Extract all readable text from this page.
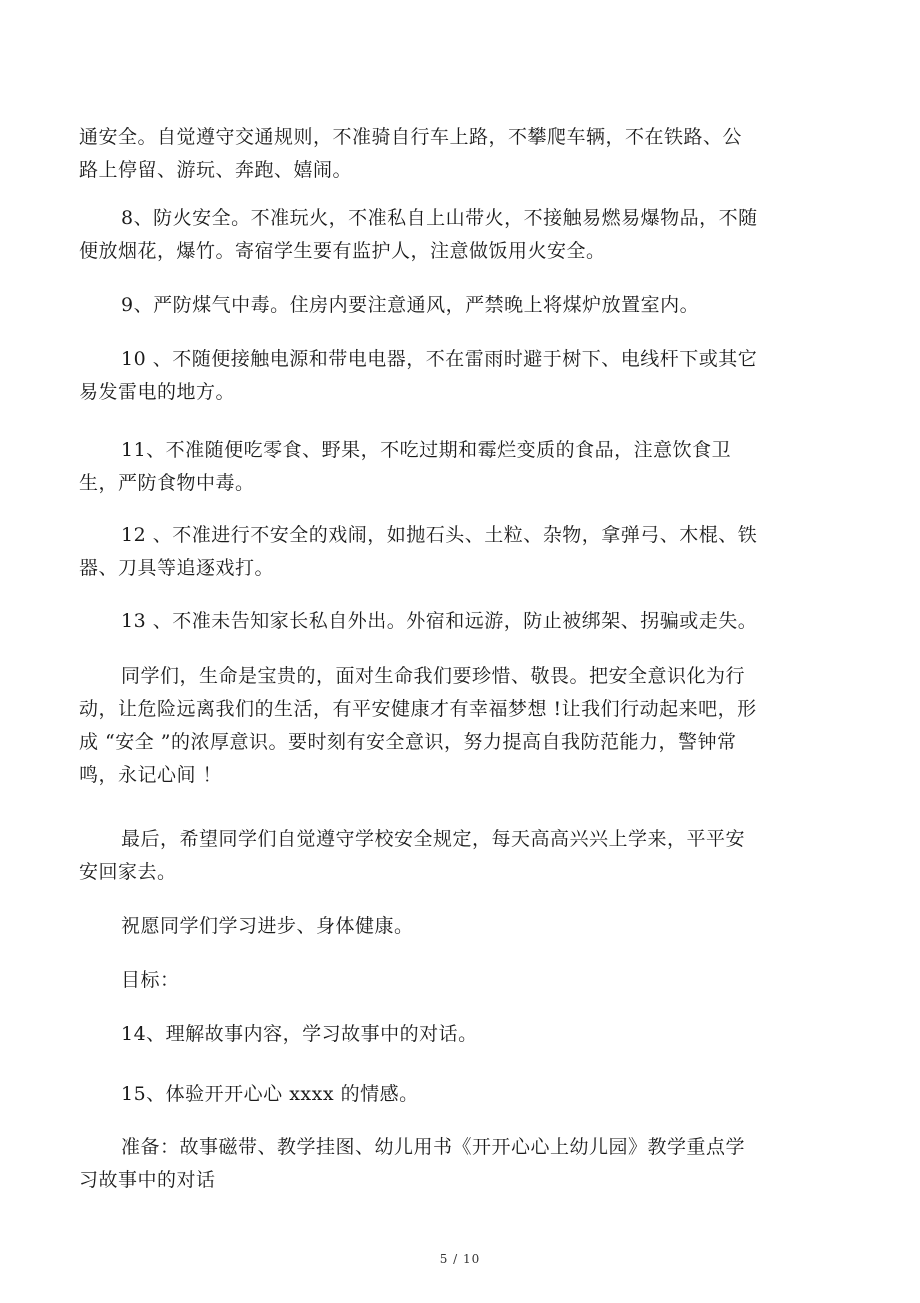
通安全。自觉遵守交通规则，不准骑自行车上路，不攀爬车辆，不在铁路、公
路上停留、游玩、奔跑、嬉闹。

8、防火安全。不准玩火，不准私自上山带火，不接触易燃易爆物品，不随
便放烟花，爆竹。寄宿学生要有监护人，注意做饭用火安全。

9、严防煤气中毒。住房内要注意通风，严禁晚上将煤炉放置室内。

10 、不随便接触电源和带电电器，不在雷雨时避于树下、电线杆下或其它
易发雷电的地方。

11、不准随便吃零食、野果，不吃过期和霉烂变质的食品，注意饮食卫
生，严防食物中毒。

12 、不准进行不安全的戏闹，如抛石头、土粒、杂物，拿弹弓、木棍、铁
器、刀具等追逐戏打。

13 、不准未告知家长私自外出。外宿和远游，防止被绑架、拐骗或走失。

同学们，生命是宝贵的，面对生命我们要珍惜、敬畏。把安全意识化为行
动，让危险远离我们的生活，有平安健康才有幸福梦想 !让我们行动起来吧，形
成 “安全 ”的浓厚意识。要时刻有安全意识，努力提高自我防范能力，警钟常
鸣，永记心间 ！

最后，希望同学们自觉遵守学校安全规定，每天高高兴兴上学来，平平安
安回家去。

祝愿同学们学习进步、身体健康。

目标：

14、理解故事内容，学习故事中的对话。

15、体验开开心心 xxxx 的情感。

准备：故事磁带、教学挂图、幼儿用书《开开心心上幼儿园》教学重点学
习故事中的对话

5 / 10
